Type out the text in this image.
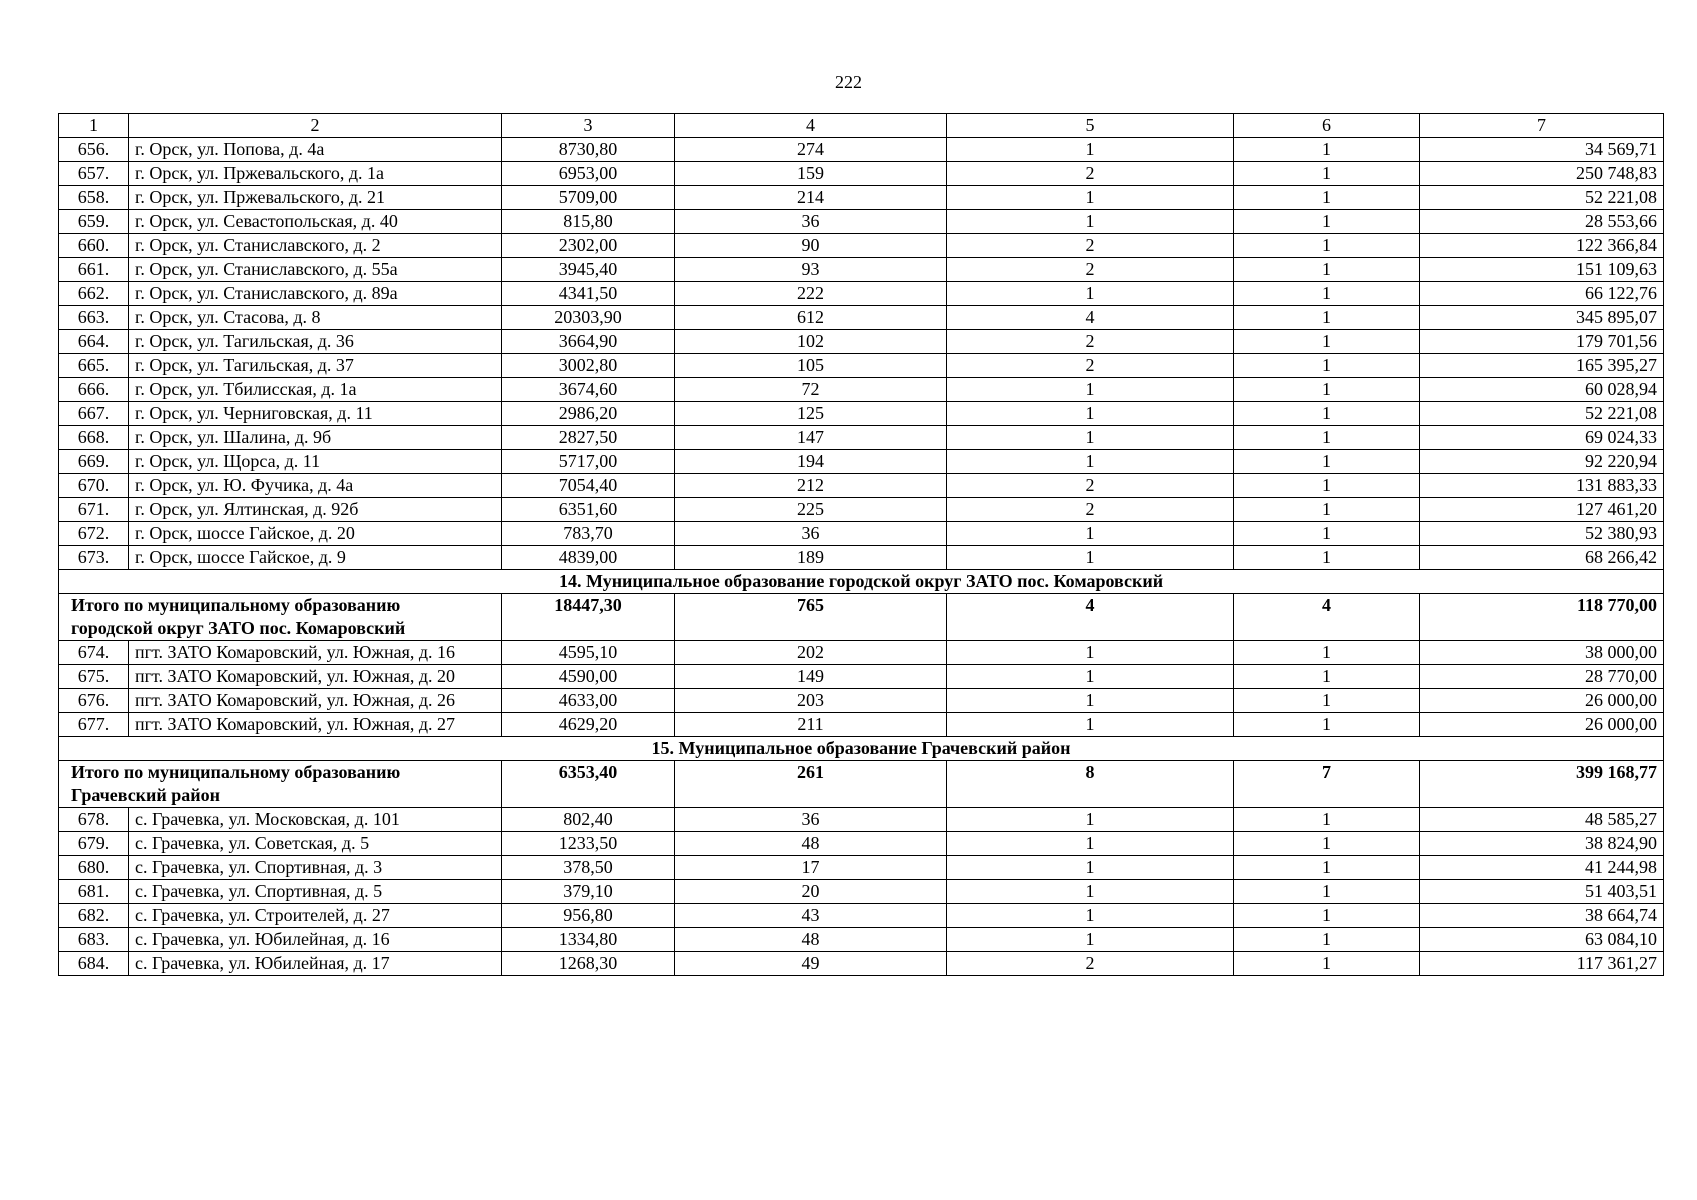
222
1	2	3	4	5	6	7
656.	г. Орск, ул. Попова, д. 4а	8730,80	274	1	1	34 569,71
657.	г. Орск, ул. Пржевальского, д. 1а	6953,00	159	2	1	250 748,83
658.	г. Орск, ул. Пржевальского, д. 21	5709,00	214	1	1	52 221,08
659.	г. Орск, ул. Севастопольская, д. 40	815,80	36	1	1	28 553,66
660.	г. Орск, ул. Станиславского, д. 2	2302,00	90	2	1	122 366,84
661.	г. Орск, ул. Станиславского, д. 55а	3945,40	93	2	1	151 109,63
662.	г. Орск, ул. Станиславского, д. 89а	4341,50	222	1	1	66 122,76
663.	г. Орск, ул. Стасова, д. 8	20303,90	612	4	1	345 895,07
664.	г. Орск, ул. Тагильская, д. 36	3664,90	102	2	1	179 701,56
665.	г. Орск, ул. Тагильская, д. 37	3002,80	105	2	1	165 395,27
666.	г. Орск, ул. Тбилисская, д. 1а	3674,60	72	1	1	60 028,94
667.	г. Орск, ул. Черниговская, д. 11	2986,20	125	1	1	52 221,08
668.	г. Орск, ул. Шалина, д. 9б	2827,50	147	1	1	69 024,33
669.	г. Орск, ул. Щорса, д. 11	5717,00	194	1	1	92 220,94
670.	г. Орск, ул. Ю. Фучика, д. 4а	7054,40	212	2	1	131 883,33
671.	г. Орск, ул. Ялтинская, д. 92б	6351,60	225	2	1	127 461,20
672.	г. Орск, шоссе Гайское, д. 20	783,70	36	1	1	52 380,93
673.	г. Орск, шоссе Гайское, д. 9	4839,00	189	1	1	68 266,42
14. Муниципальное образование городской округ ЗАТО пос. Комаровский						

Итого по муниципальному образованию
городской округ ЗАТО пос. Комаровский		18447,30	765	4	4	118 770,00
674.	пгт. ЗАТО Комаровский, ул. Южная, д. 16	4595,10	202	1	1	38 000,00
675.	пгт. ЗАТО Комаровский, ул. Южная, д. 20	4590,00	149	1	1	28 770,00
676.	пгт. ЗАТО Комаровский, ул. Южная, д. 26	4633,00	203	1	1	26 000,00
677.	пгт. ЗАТО Комаровский, ул. Южная, д. 27	4629,20	211	1	1	26 000,00
15. Муниципальное образование Грачевский район						

Итого по муниципальному образованию
Грачевский район		6353,40	261	8	7	399 168,77
678.	с. Грачевка, ул. Московская, д. 101	802,40	36	1	1	48 585,27
679.	с. Грачевка, ул. Советская, д. 5	1233,50	48	1	1	38 824,90
680.	с. Грачевка, ул. Спортивная, д. 3	378,50	17	1	1	41 244,98
681.	с. Грачевка, ул. Спортивная, д. 5	379,10	20	1	1	51 403,51
682.	с. Грачевка, ул. Строителей, д. 27	956,80	43	1	1	38 664,74
683.	с. Грачевка, ул. Юбилейная, д. 16	1334,80	48	1	1	63 084,10
684.	с. Грачевка, ул. Юбилейная, д. 17	1268,30	49	2	1	117 361,27
